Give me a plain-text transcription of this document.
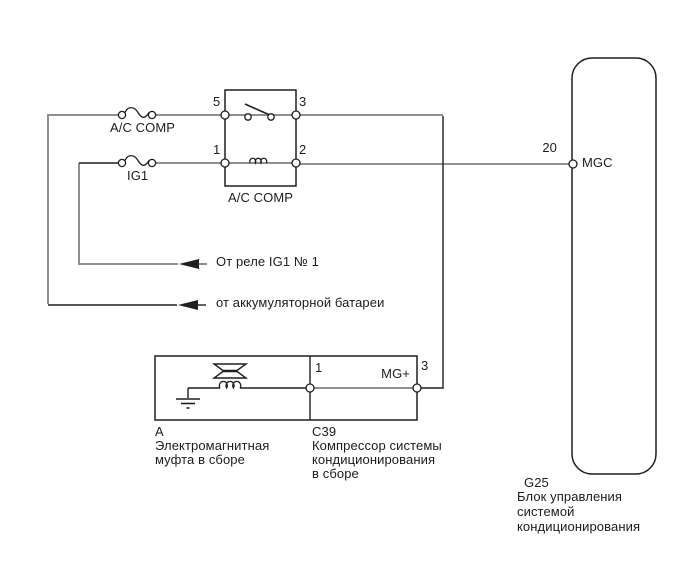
A/C COMP
IG1
5	3
1	2
A/C COMP
От реле IG1 № 1
от аккумуляторной батареи
20
MGC
1	MG+
3
A
Электромагнитная
муфта в сборе
C39
Компрессор системы
кондиционирования
в сборе
G25
Блок управления
системой
кондиционирования
